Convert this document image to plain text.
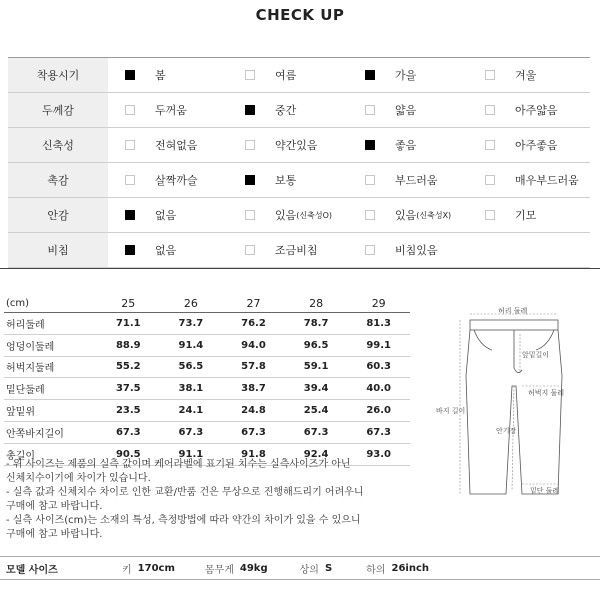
CHECK UP
착용시기	봄	여름	가을	겨울
두께감	두꺼움	중간	얇음	아주얇음
신축성	전혀없음	약간있음	좋음	아주좋음
촉감	살짝까슬	보통	부드러움	매우부드러움
안감	없음	있음 (신축성O)	있음 (신축성X)	기모
비침	없음	조금비침	비침있음
(cm)	25	26	27	28	29
허리둘레	71.1	73.7	76.2	78.7	81.3
엉덩이둘레	88.9	91.4	94.0	96.5	99.1
허벅지둘레	55.2	56.5	57.8	59.1	60.3
밑단둘레	37.5	38.1	38.7	39.4	40.0
앞밑위	23.5	24.1	24.8	25.4	26.0
안쪽바지길이	67.3	67.3	67.3	67.3	67.3
총길이	90.5	91.1	91.8	92.4	93.0
허리 둘레
앞밑길이
허벅지 둘레
바지 길이
안기장
밑단 둘레

- 위 사이즈는 제품의 실측 값이며 케어라벨에 표기된 치수는 실측사이즈가 아닌

신체치수이기에 차이가 있습니다.

- 실측 값과 신체치수 차이로 인한 교환/반품 건은 무상으로 진행해드리기 어려우니

구매에 참고 바랍니다.

- 실측 사이즈(cm)는 소재의 특성, 측정방법에 따라 약간의 차이가 있을 수 있으니

구매에 참고 바랍니다.

모델 사이즈	키 170cm	몸무게 49kg	상의 S	하의 26inch
